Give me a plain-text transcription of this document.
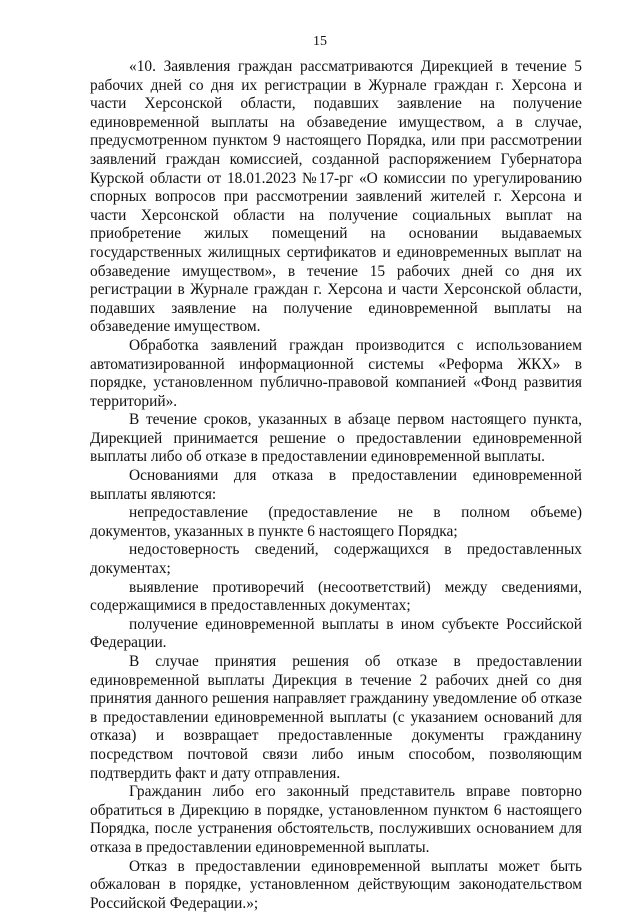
15

«10. Заявления граждан рассматриваются Дирекцией в течение 5 рабочих дней со дня их регистрации в Журнале граждан г. Херсона и части Херсонской области, подавших заявление на получение единовременной выплаты на обзаведение имуществом, а в случае, предусмотренном пунктом 9 настоящего Порядка, или при рассмотрении заявлений граждан комиссией, созданной распоряжением Губернатора Курской области от 18.01.2023 №17-рг «О комиссии по урегулированию спорных вопросов при рассмотрении заявлений жителей г. Херсона и части Херсонской области на получение социальных выплат на приобретение жилых помещений на основании выдаваемых государственных жилищных сертификатов и единовременных выплат на обзаведение имуществом», в течение 15 рабочих дней со дня их регистрации в Журнале граждан г. Херсона и части Херсонской области, подавших заявление на получение единовременной выплаты на обзаведение имуществом.

Обработка заявлений граждан производится с использованием автоматизированной информационной системы «Реформа ЖКХ» в порядке, установленном публично-правовой компанией «Фонд развития территорий».

В течение сроков, указанных в абзаце первом настоящего пункта, Дирекцией принимается решение о предоставлении единовременной выплаты либо об отказе в предоставлении единовременной выплаты.

Основаниями для отказа в предоставлении единовременной выплаты являются:

непредоставление (предоставление не в полном объеме) документов, указанных в пункте 6 настоящего Порядка;

недостоверность сведений, содержащихся в предоставленных документах;

выявление противоречий (несоответствий) между сведениями, содержащимися в предоставленных документах;

получение единовременной выплаты в ином субъекте Российской Федерации.

В случае принятия решения об отказе в предоставлении единовременной выплаты Дирекция в течение 2 рабочих дней со дня принятия данного решения направляет гражданину уведомление об отказе в предоставлении единовременной выплаты (с указанием оснований для отказа) и возвращает предоставленные документы гражданину посредством почтовой связи либо иным способом, позволяющим подтвердить факт и дату отправления.

Гражданин либо его законный представитель вправе повторно обратиться в Дирекцию в порядке, установленном пунктом 6 настоящего Порядка, после устранения обстоятельств, послуживших основанием для отказа в предоставлении единовременной выплаты.

Отказ в предоставлении единовременной выплаты может быть обжалован в порядке, установленном действующим законодательством Российской Федерации.»;
